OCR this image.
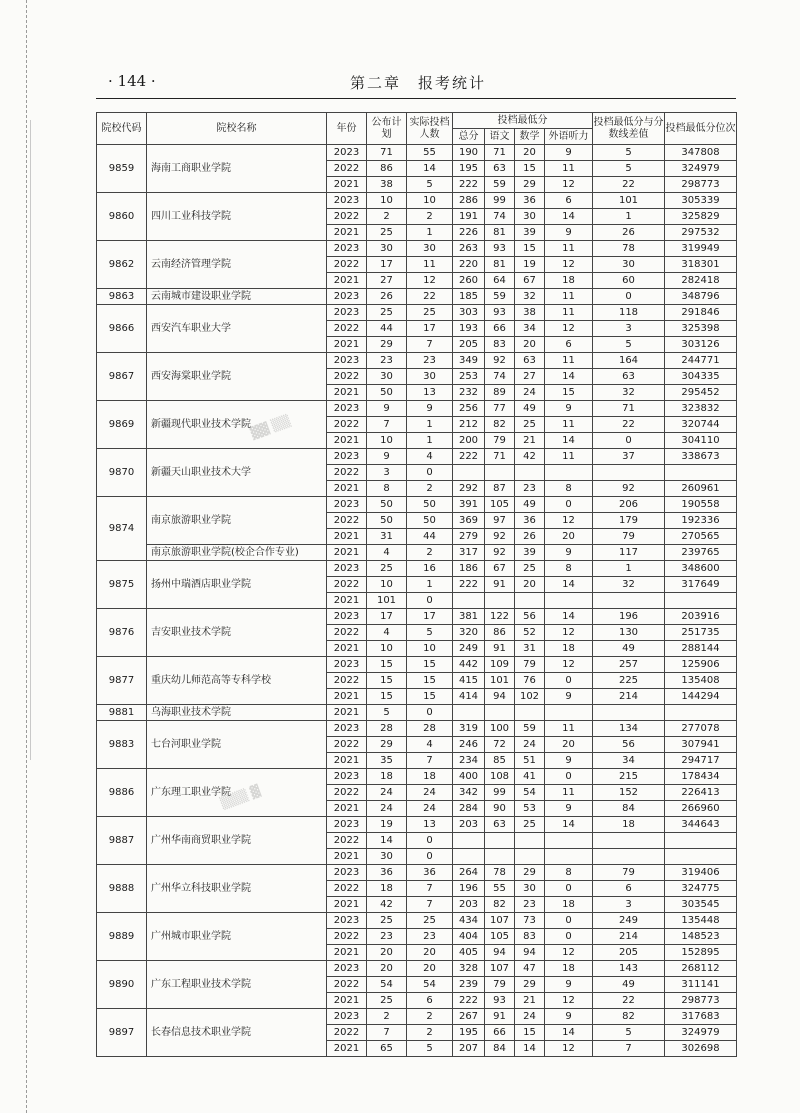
· 144 ·	第二章　报考统计
院校代码	院校名称	年份	公布计划	实际投档人数	投档最低分				投档最低分与分数线差值	投档最低分位次
					总分	语文	数学	外语听力		
9859	海南工商职业学院	2023	71	55	190	71	20	9	5	347808
		2022	86	14	195	63	15	11	5	324979
		2021	38	5	222	59	29	12	22	298773
9860	四川工业科技学院	2023	10	10	286	99	36	6	101	305339
		2022	2	2	191	74	30	14	1	325829
		2021	25	1	226	81	39	9	26	297532
9862	云南经济管理学院	2023	30	30	263	93	15	11	78	319949
		2022	17	11	220	81	19	12	30	318301
		2021	27	12	260	64	67	18	60	282418
9863	云南城市建设职业学院	2023	26	22	185	59	32	11	0	348796
9866	西安汽车职业大学	2023	25	25	303	93	38	11	118	291846
		2022	44	17	193	66	34	12	3	325398
		2021	29	7	205	83	20	6	5	303126
9867	西安海棠职业学院	2023	23	23	349	92	63	11	164	244771
		2022	30	30	253	74	27	14	63	304335
		2021	50	13	232	89	24	15	32	295452
9869	新疆现代职业技术学院	2023	9	9	256	77	49	9	71	323832
		2022	7	1	212	82	25	11	22	320744
		2021	10	1	200	79	21	14	0	304110
9870	新疆天山职业技术大学	2023	9	4	222	71	42	11	37	338673
		2022	3	0						
		2021	8	2	292	87	23	8	92	260961
9874	南京旅游职业学院	2023	50	50	391	105	49	0	206	190558
		2022	50	50	369	97	36	12	179	192336
		2021	31	44	279	92	26	20	79	270565
	南京旅游职业学院(校企合作专业)	2021	4	2	317	92	39	9	117	239765
9875	扬州中瑞酒店职业学院	2023	25	16	186	67	25	8	1	348600
		2022	10	1	222	91	20	14	32	317649
		2021	101	0						
9876	吉安职业技术学院	2023	17	17	381	122	56	14	196	203916
		2022	4	5	320	86	52	12	130	251735
		2021	10	10	249	91	31	18	49	288144
9877	重庆幼儿师范高等专科学校	2023	15	15	442	109	79	12	257	125906
		2022	15	15	415	101	76	0	225	135408
		2021	15	15	414	94	102	9	214	144294
9881	乌海职业技术学院	2021	5	0						
9883	七台河职业学院	2023	28	28	319	100	59	11	134	277078
		2022	29	4	246	72	24	20	56	307941
		2021	35	7	234	85	51	9	34	294717
9886	广东理工职业学院	2023	18	18	400	108	41	0	215	178434
		2022	24	24	342	99	54	11	152	226413
		2021	24	24	284	90	53	9	84	266960
9887	广州华南商贸职业学院	2023	19	13	203	63	25	14	18	344643
		2022	14	0						
		2021	30	0						
9888	广州华立科技职业学院	2023	36	36	264	78	29	8	79	319406
		2022	18	7	196	55	30	0	6	324775
		2021	42	7	203	82	23	18	3	303545
9889	广州城市职业学院	2023	25	25	434	107	73	0	249	135448
		2022	23	23	404	105	83	0	214	148523
		2021	20	20	405	94	94	12	205	152895
9890	广东工程职业技术学院	2023	20	20	328	107	47	18	143	268112
		2022	54	54	239	79	29	9	49	311141
		2021	25	6	222	93	21	12	22	298773
9897	长春信息技术职业学院	2023	2	2	267	91	24	9	82	317683
		2022	7	2	195	66	15	14	5	324979
		2021	65	5	207	84	14	12	7	302698
▓▓ ▒▒
▒▒▒ ▓
